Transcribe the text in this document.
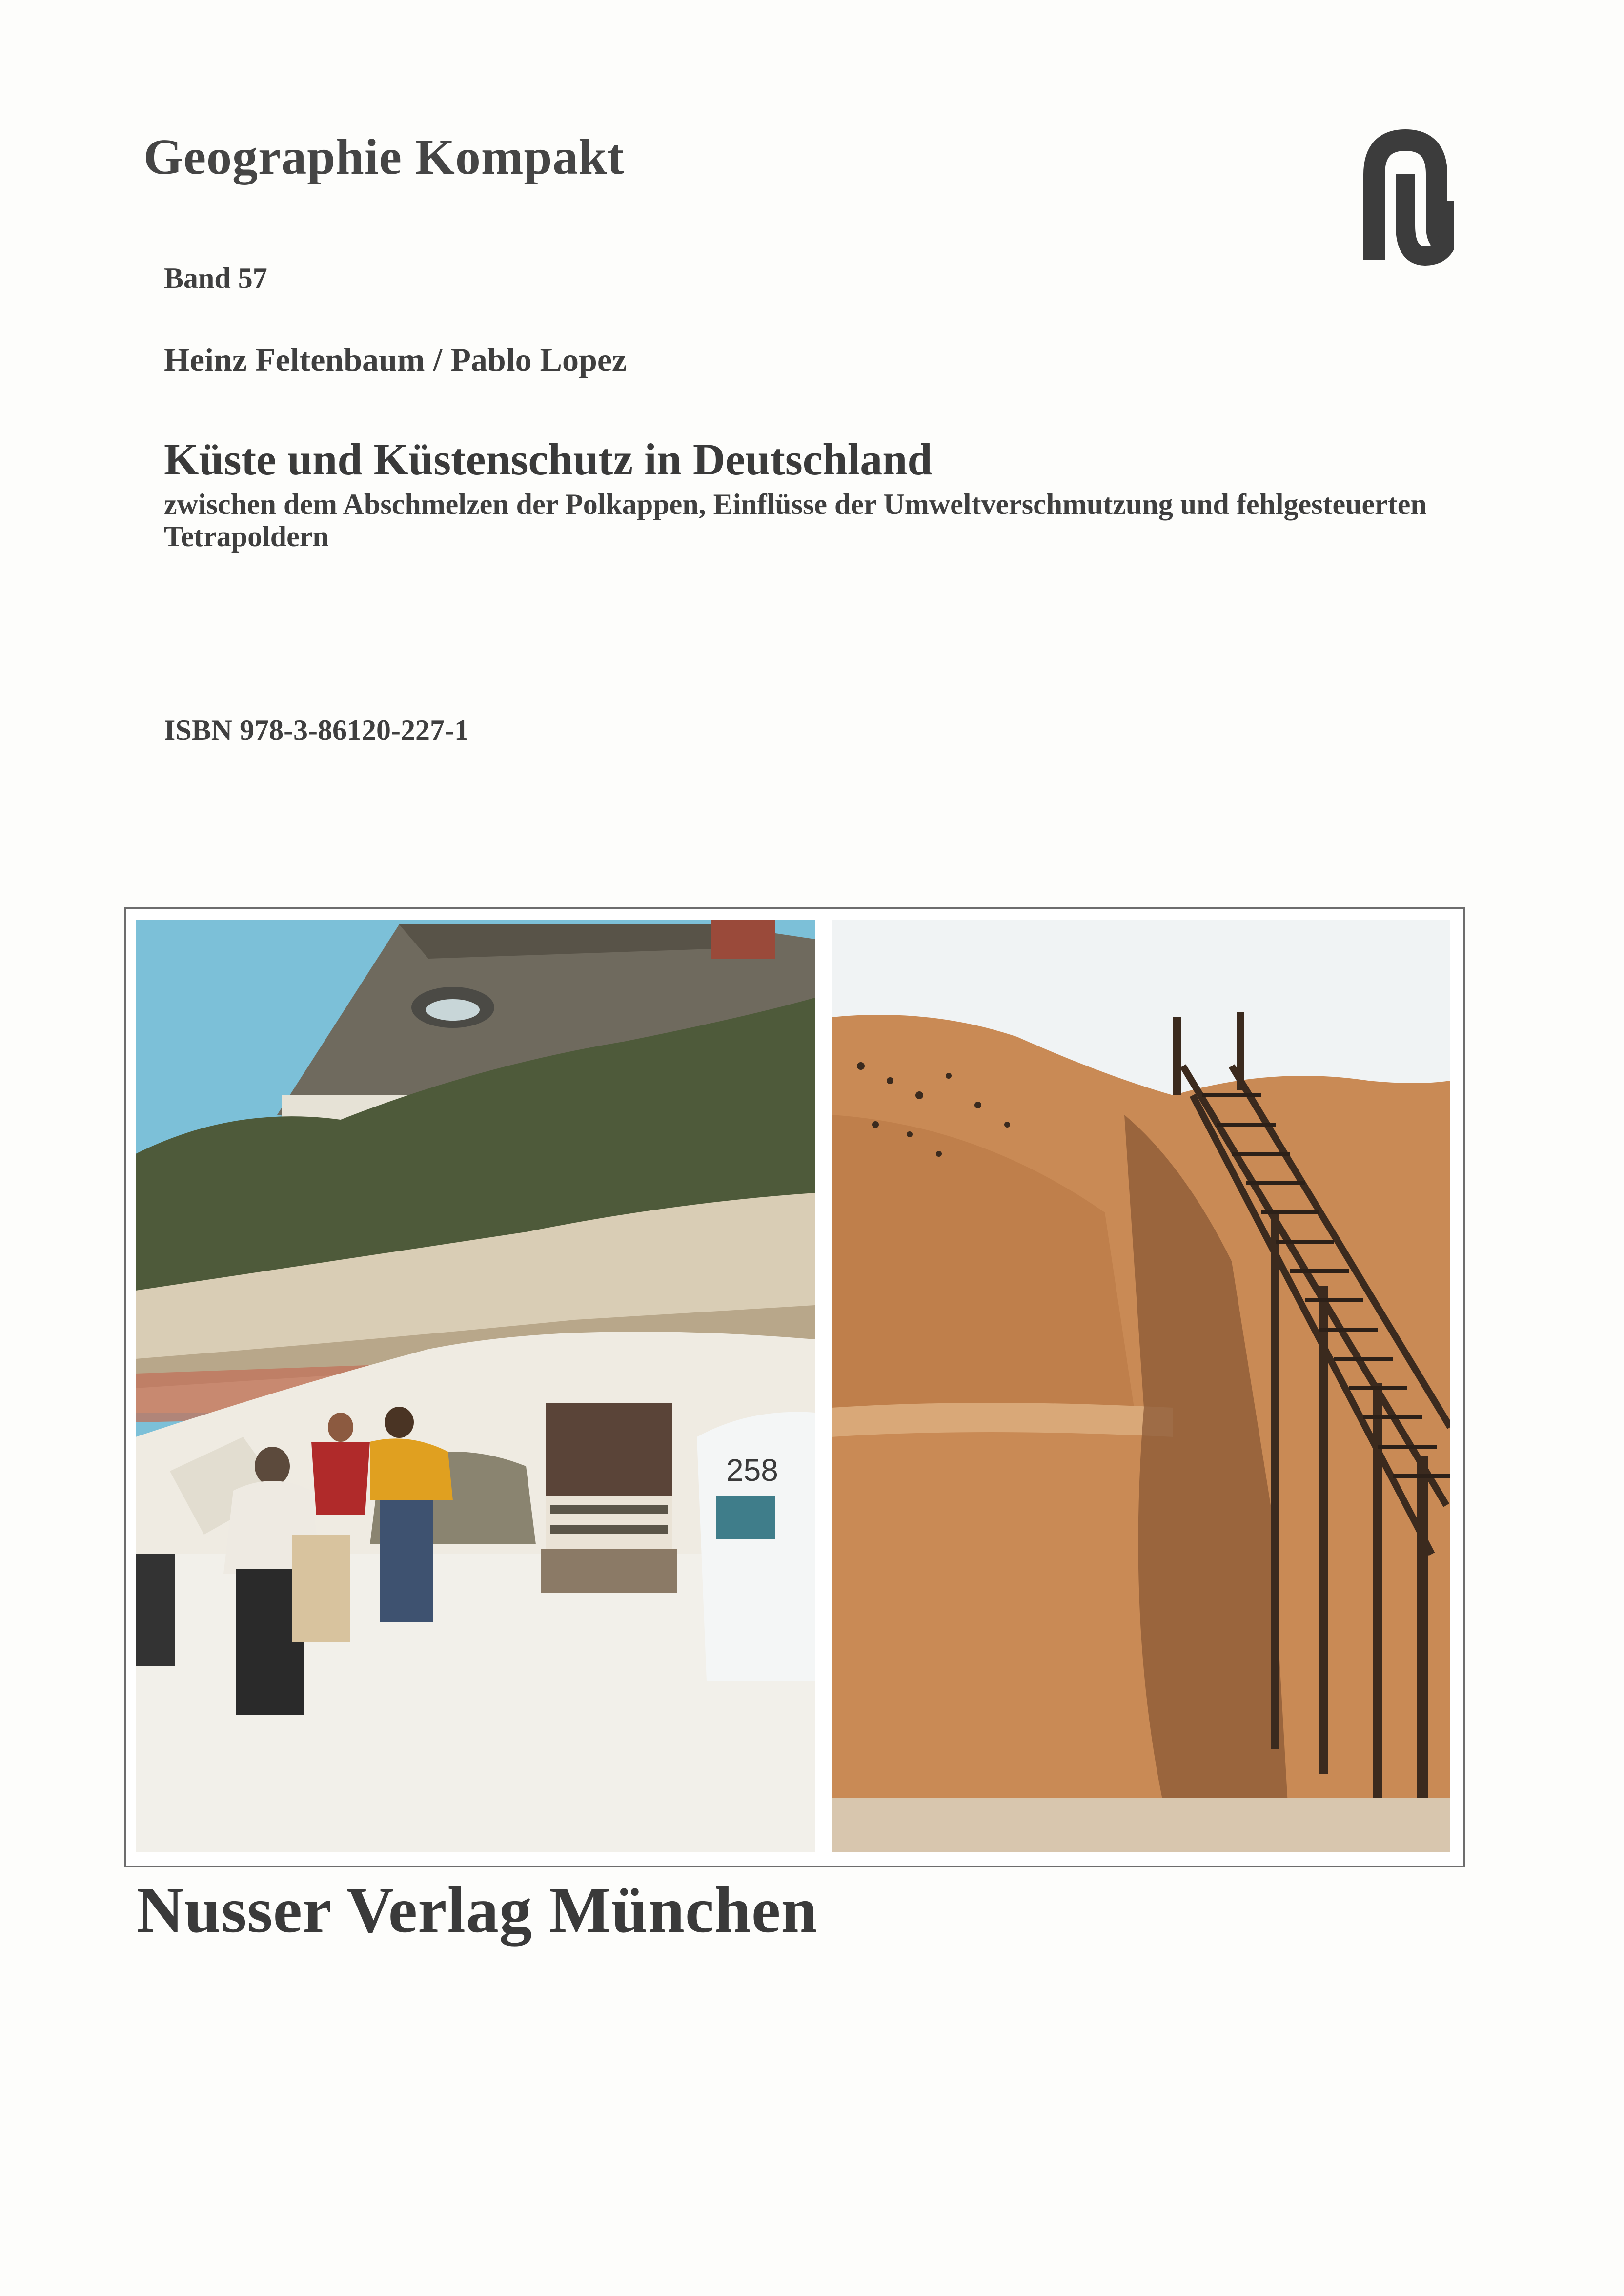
Geographie Kompakt
Band 57
Heinz Feltenbaum / Pablo Lopez
Küste und Küstenschutz in Deutschland
zwischen dem Abschmelzen der Polkappen, Einflüsse der Umweltverschmutzung und fehlgesteuerten Tetrapoldern
ISBN 978-3-86120-227-1
258
Nusser Verlag München
